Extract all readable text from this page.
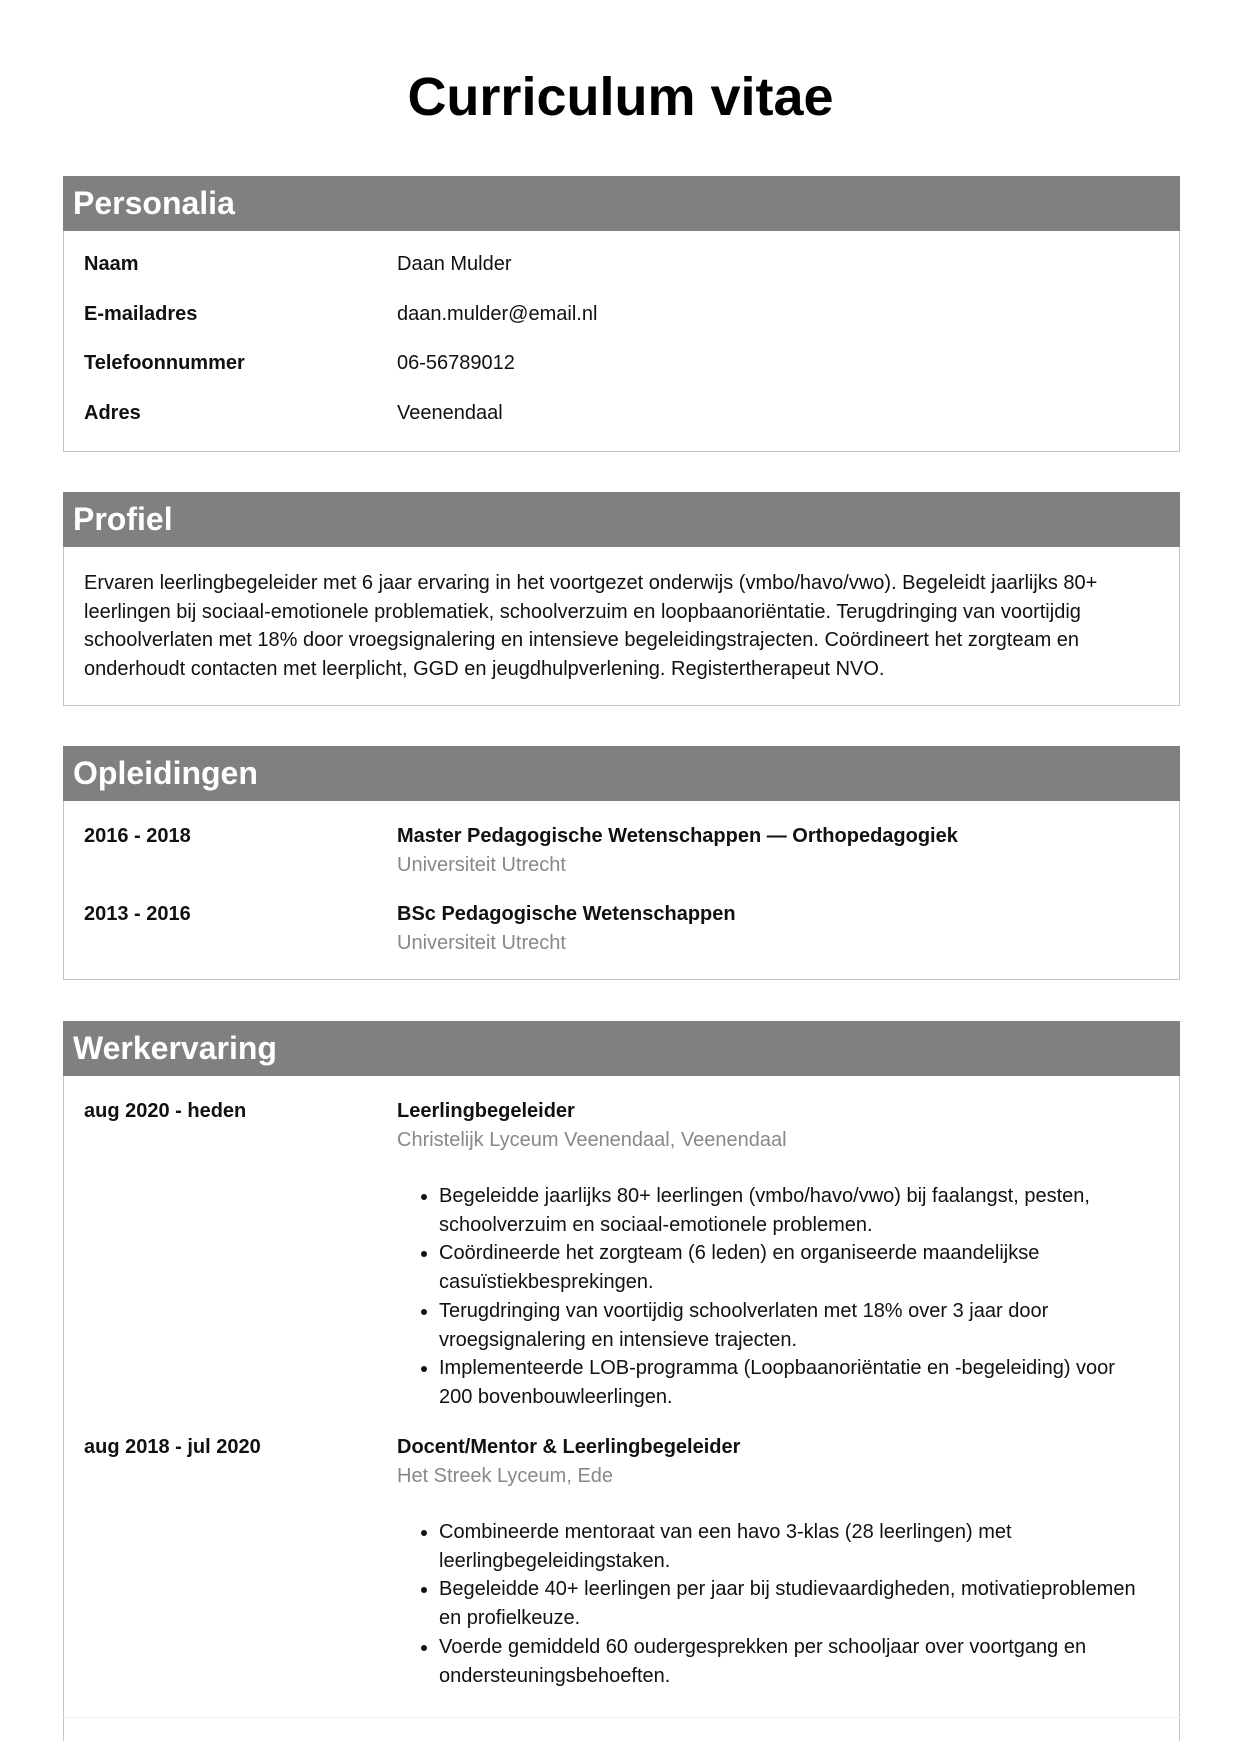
Curriculum vitae
Personalia
Naam	Daan Mulder
E-mailadres	daan.mulder@email.nl
Telefoonnummer	06-56789012
Adres	Veenendaal
Profiel
Ervaren leerlingbegeleider met 6 jaar ervaring in het voortgezet onderwijs (vmbo/havo/vwo). Begeleidt jaarlijks 80+ leerlingen bij sociaal-emotionele problematiek, schoolverzuim en loopbaanoriëntatie. Terugdringing van voortijdig schoolverlaten met 18% door vroegsignalering en intensieve begeleidingstrajecten. Coördineert het zorgteam en onderhoudt contacten met leerplicht, GGD en jeugdhulpverlening. Registertherapeut NVO.
Opleidingen
2016 - 2018	Master Pedagogische Wetenschappen — Orthopedagogiek
Universiteit Utrecht
2013 - 2016	BSc Pedagogische Wetenschappen
Universiteit Utrecht
Werkervaring
aug 2020 - heden	Leerlingbegeleider
Christelijk Lyceum Veenendaal, Veenendaal
• Begeleidde jaarlijks 80+ leerlingen (vmbo/havo/vwo) bij faalangst, pesten, schoolverzuim en sociaal-emotionele problemen.
• Coördineerde het zorgteam (6 leden) en organiseerde maandelijkse casuïstiekbesprekingen.
• Terugdringing van voortijdig schoolverlaten met 18% over 3 jaar door vroegsignalering en intensieve trajecten.
• Implementeerde LOB-programma (Loopbaanoriëntatie en -begeleiding) voor 200 bovenbouwleerlingen.
aug 2018 - jul 2020	Docent/Mentor & Leerlingbegeleider
Het Streek Lyceum, Ede
• Combineerde mentoraat van een havo 3-klas (28 leerlingen) met leerlingbegeleidingstaken.
• Begeleidde 40+ leerlingen per jaar bij studievaardigheden, motivatieproblemen en profielkeuze.
• Voerde gemiddeld 60 oudergesprekken per schooljaar over voortgang en ondersteuningsbehoeften.
